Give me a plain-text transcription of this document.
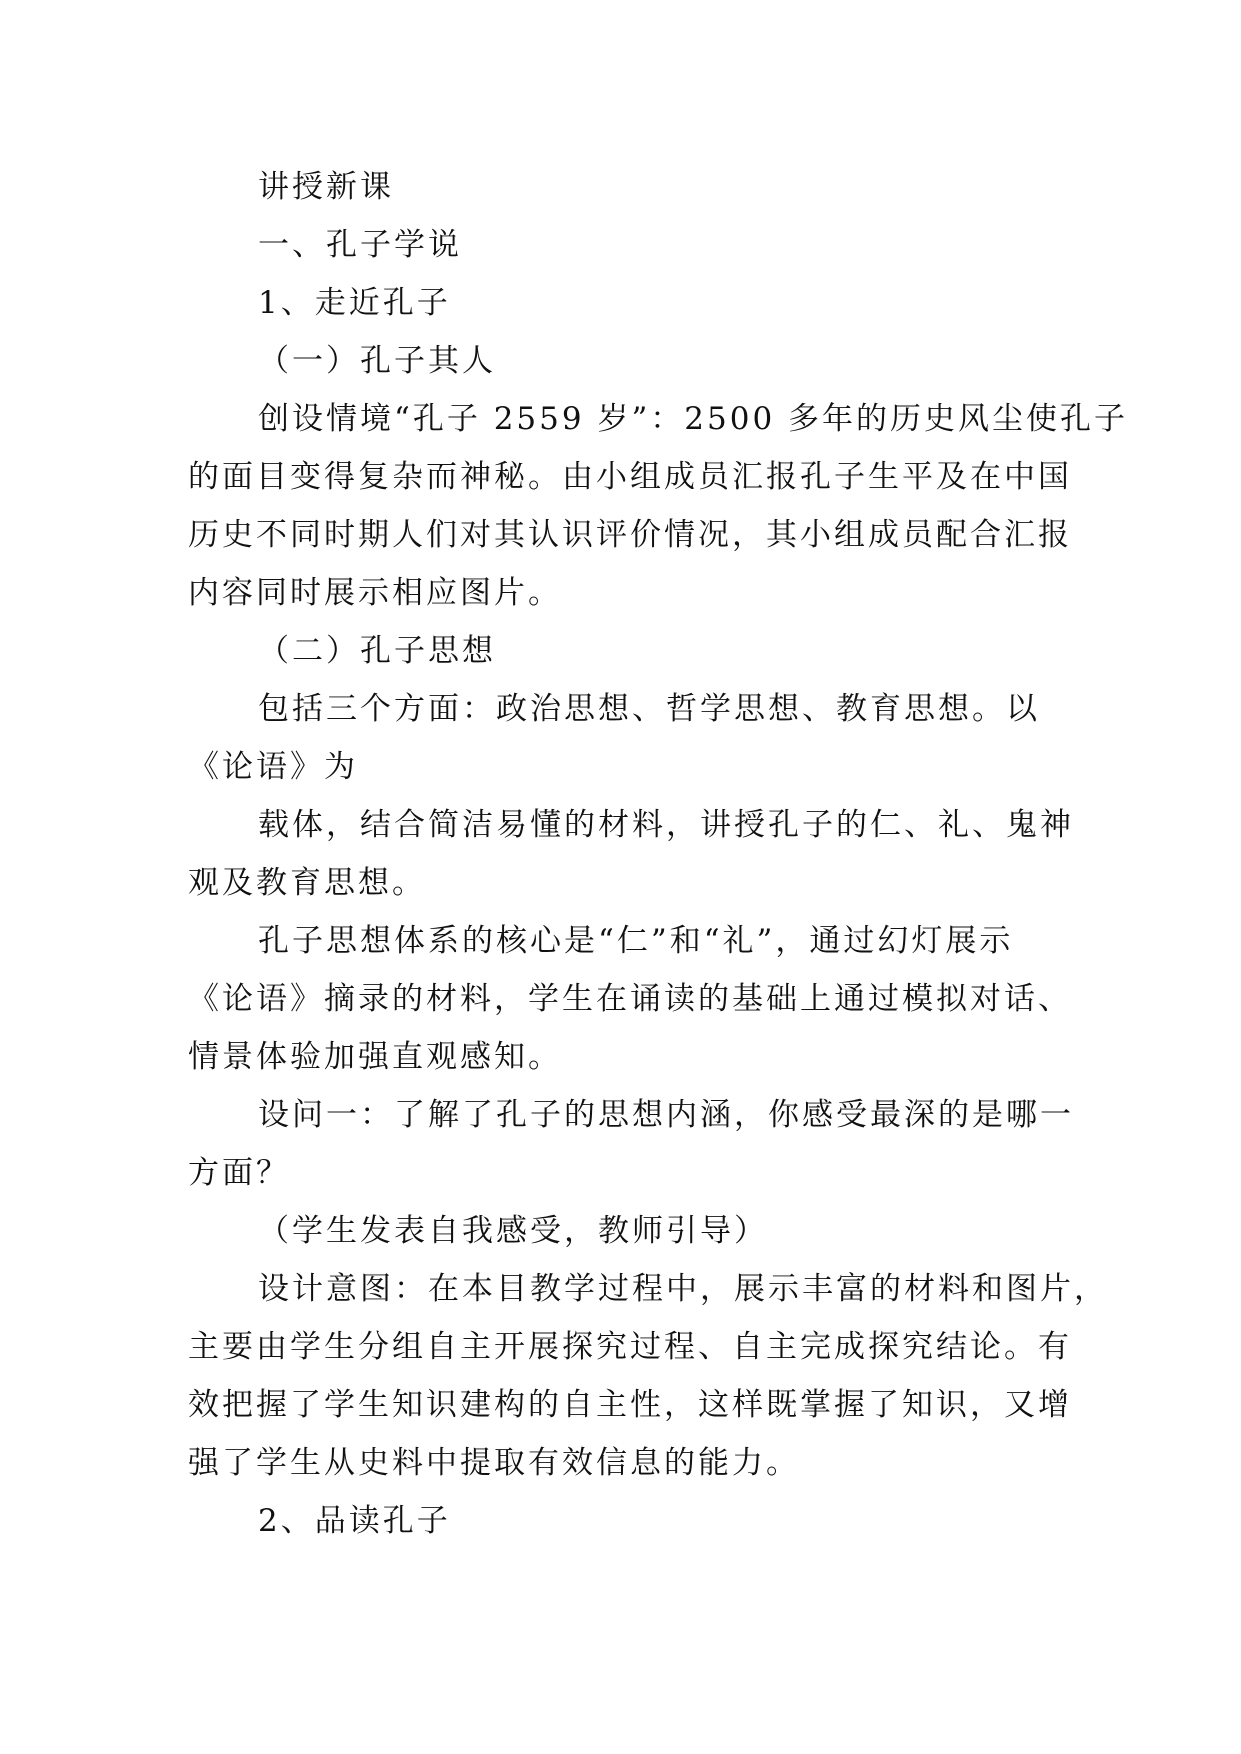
讲授新课
一、孔子学说
1、走近孔子
（一）孔子其人
创设情境“孔子 2559 岁”：2500 多年的历史风尘使孔子
的面目变得复杂而神秘。由小组成员汇报孔子生平及在中国
历史不同时期人们对其认识评价情况，其小组成员配合汇报
内容同时展示相应图片。
（二）孔子思想
包括三个方面：政治思想、哲学思想、教育思想。以
《论语》为
载体，结合简洁易懂的材料，讲授孔子的仁、礼、鬼神
观及教育思想。
孔子思想体系的核心是“仁”和“礼”，通过幻灯展示
《论语》摘录的材料，学生在诵读的基础上通过模拟对话、
情景体验加强直观感知。
设问一：了解了孔子的思想内涵，你感受最深的是哪一
方面？
（学生发表自我感受，教师引导）
设计意图：在本目教学过程中，展示丰富的材料和图片，
主要由学生分组自主开展探究过程、自主完成探究结论。有
效把握了学生知识建构的自主性，这样既掌握了知识，又增
强了学生从史料中提取有效信息的能力。
2、品读孔子
